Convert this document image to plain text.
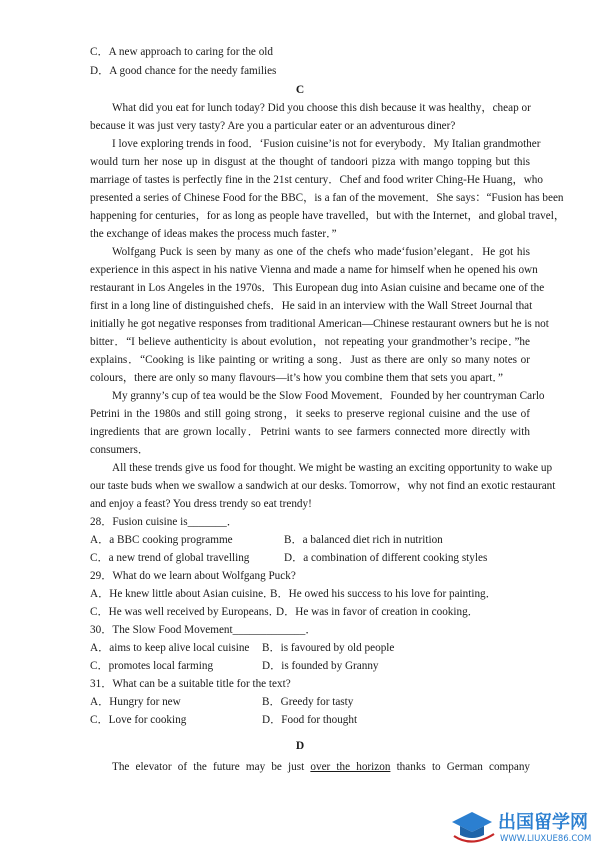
C．A new approach to caring for the old
D．A good chance for the needy families
C
What did you eat for lunch today? Did you choose this dish because it was healthy，cheap or
because it was just very tasty? Are you a particular eater or an adventurous diner?
I love exploring trends in food．‘Fusion cuisine’is not for everybody．My Italian grandmother
would turn her nose up in disgust at the thought of tandoori pizza with mango topping but this
marriage of tastes is perfectly fine in the 21st century．Chef and food writer Ching-He Huang，who
presented a series of Chinese Food for the BBC，is a fan of the movement．She says：“Fusion has been
happening for centuries，for as long as people have travelled，but with the Internet，and global travel，
the exchange of ideas makes the process much faster．”
Wolfgang Puck is seen by many as one of the chefs who made‘fusion’elegant．He got his
experience in this aspect in his native Vienna and made a name for himself when he opened his own
restaurant in Los Angeles in the 1970s．This European dug into Asian cuisine and became one of the
first in a long line of distinguished chefs．He said in an interview with the Wall Street Journal that
initially he got negative responses from traditional American—Chinese restaurant owners but he is not
bitter．“I believe authenticity is about evolution，not repeating your grandmother’s recipe．”he
explains．“Cooking is like painting or writing a song．Just as there are only so many notes or
colours，there are only so many flavours—it’s how you combine them that sets you apart．”
My granny’s cup of tea would be the Slow Food Movement．Founded by her countryman Carlo
Petrini in the 1980s and still going strong，it seeks to preserve regional cuisine and the use of
ingredients that are grown locally．Petrini wants to see farmers connected more directly with
consumers．
All these trends give us food for thought. We might be wasting an exciting opportunity to wake up
our taste buds when we swallow a sandwich at our desks. Tomorrow，why not find an exotic restaurant
and enjoy a feast? You dress trendy so eat trendy!
28．Fusion cuisine is_______．
A．a BBC cooking programme	B．a balanced diet rich in nutrition
C．a new trend of global travelling	D．a combination of different cooking styles
29．What do we learn about Wolfgang Puck?
A．He knew little about Asian cuisine．
B．He owed his success to his love for painting．
C．He was well received by Europeans．
D．He was in favor of creation in cooking．
30．The Slow Food Movement_____________．
A．aims to keep alive local cuisine B．is favoured by old people
C．promotes local farming	D．is founded by Granny
31．What can be a suitable title for the text?
A．Hungry for new	B．Greedy for tasty
C．Love for cooking	D．Food for thought
D
The elevator of the future may be just over the horizon thanks to German company
出国留学网
WWW.LIUXUE86.COM
